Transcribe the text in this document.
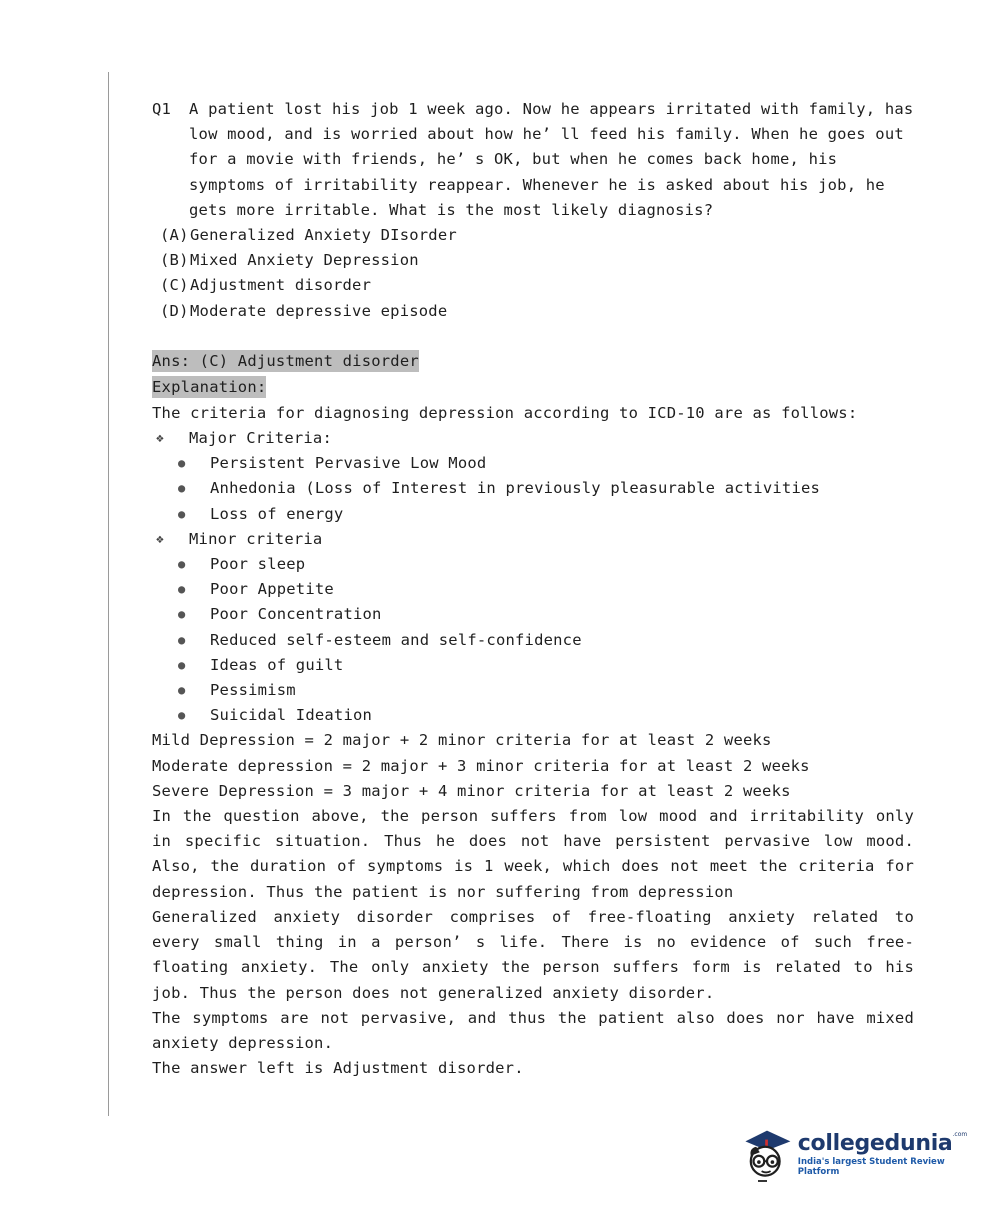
Q1	A patient lost his job 1 week ago. Now he appears irritated with family, has low mood, and is worried about how he’ ll feed his family. When he goes out for a movie with friends, he’ s OK, but when he comes back home, his symptoms of irritability reappear. Whenever he is asked about his job, he gets more irritable. What is the most likely diagnosis?
(A) Generalized Anxiety DIsorder
(B) Mixed Anxiety Depression
(C) Adjustment disorder
(D) Moderate depressive episode

Ans: (C) Adjustment disorder

Explanation:

The criteria for diagnosing depression according to ICD-10 are as follows:

❖	Major Criteria:
●	Persistent Pervasive Low Mood
●	Anhedonia (Loss of Interest in previously pleasurable activities
●	Loss of energy
❖	Minor criteria
●	Poor sleep
●	Poor Appetite
●	Poor Concentration
●	Reduced self-esteem and self-confidence
●	Ideas of guilt
●	Pessimism
●	Suicidal Ideation

Mild Depression = 2 major + 2 minor criteria for at least 2 weeks

Moderate depression = 2 major + 3 minor criteria for at least 2 weeks

Severe Depression = 3 major + 4 minor criteria for at least 2 weeks

In the question above, the person suffers from low mood and irritability only in specific situation. Thus he does not have persistent pervasive low mood. Also, the duration of symptoms is 1 week, which does not meet the criteria for depression. Thus the patient is nor suffering from depression

Generalized anxiety disorder comprises of free-floating anxiety related to every small thing in a person’ s life. There is no evidence of such free-floating anxiety. The only anxiety the person suffers form is related to his job. Thus the person does not generalized anxiety disorder.

The symptoms are not pervasive, and thus the patient also does nor have mixed anxiety depression.

The answer left is Adjustment disorder.

collegedunia$^{.com}$
India's largest Student Review Platform
